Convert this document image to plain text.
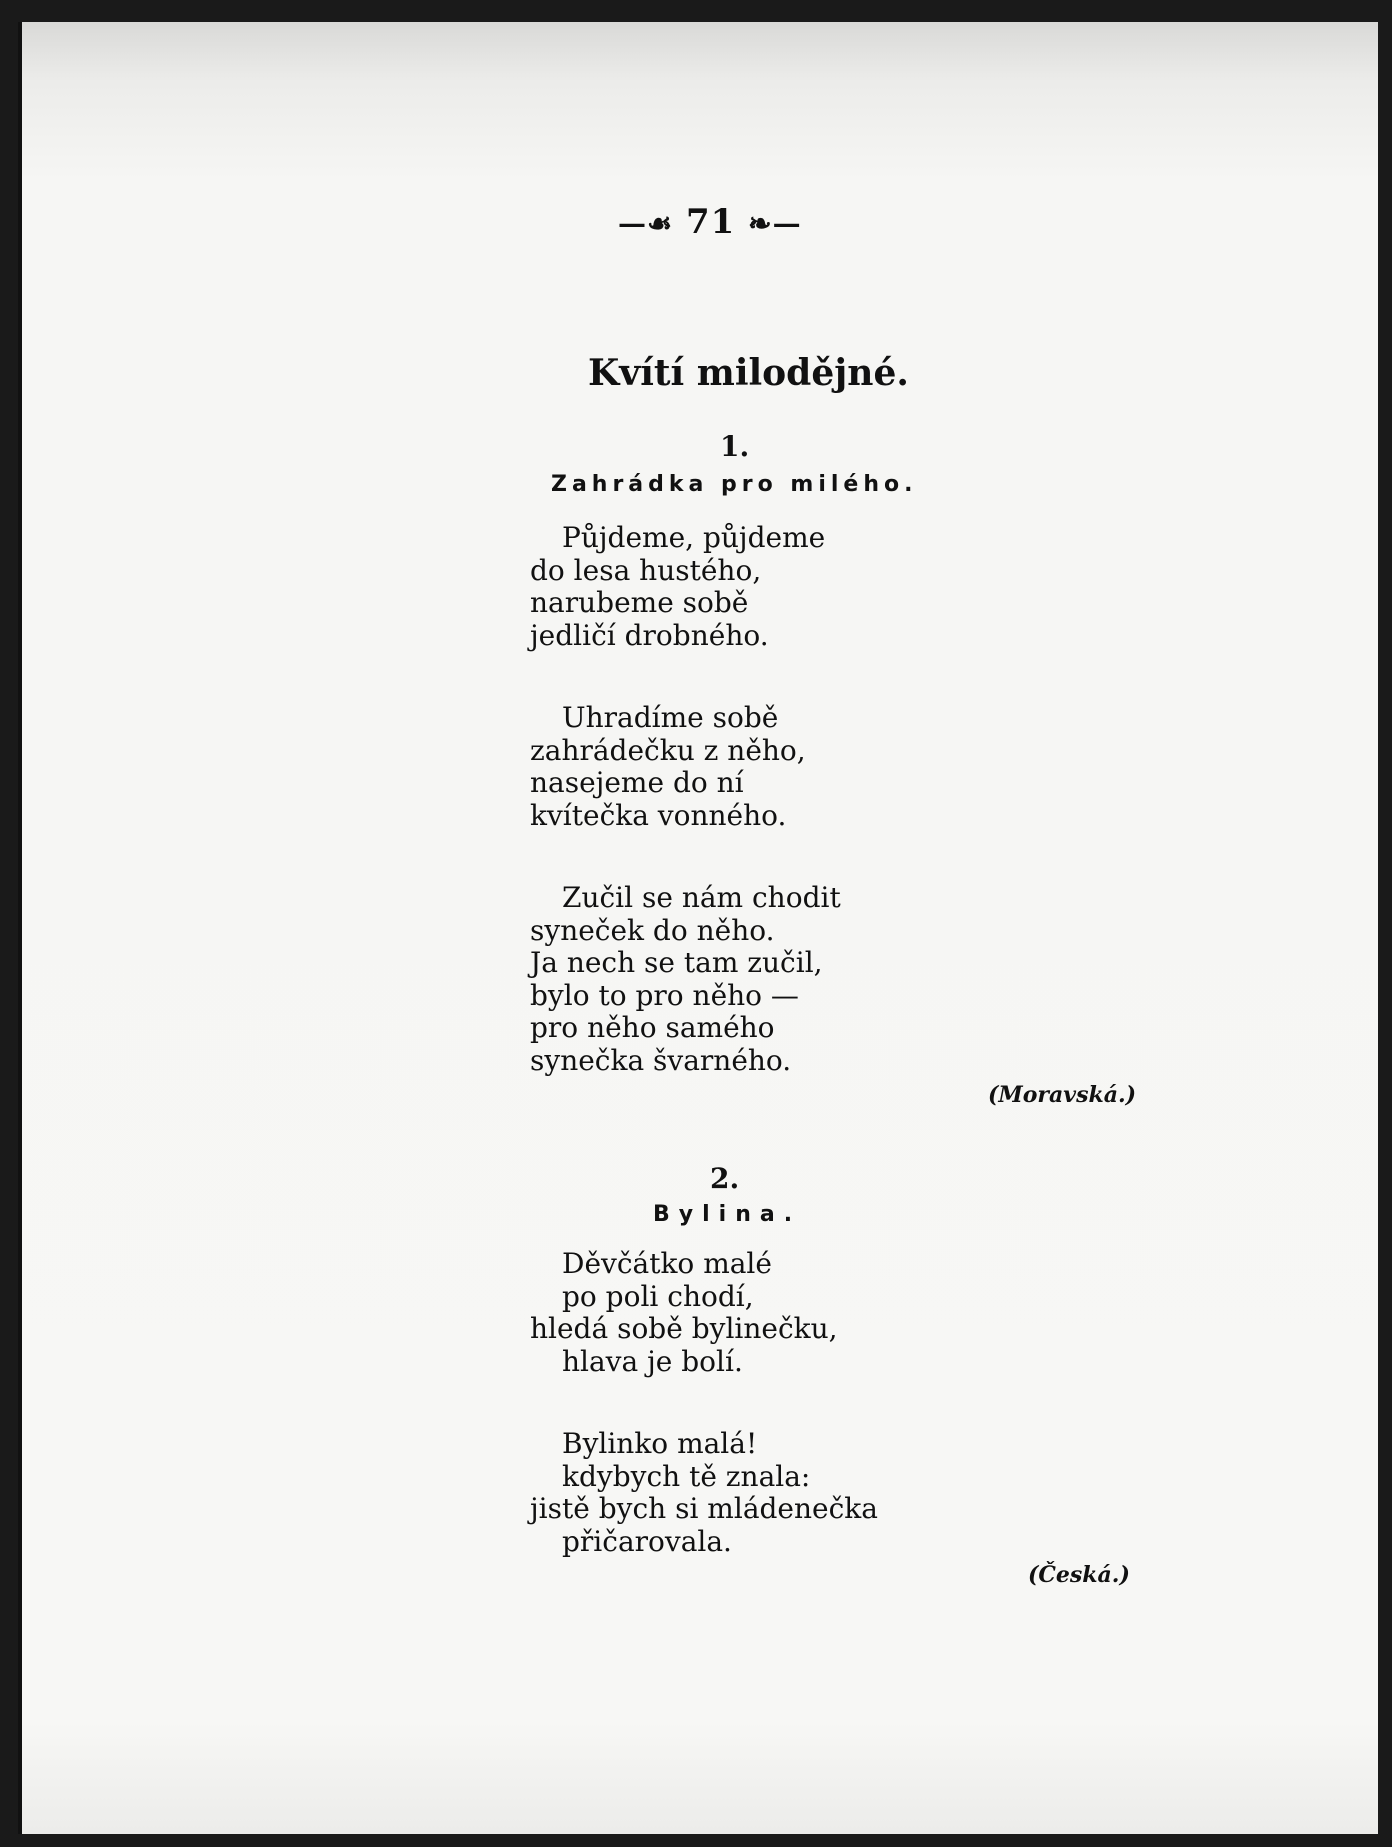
—☙ 71 ❧—
Kvítí milodějné.
1.
Zahrádka pro milého.
Půjdeme, půjdeme
do lesa hustého,
narubeme sobě
jedličí drobného.
Uhradíme sobě
zahrádečku z něho,
nasejeme do ní
kvítečka vonného.
Zučil se nám chodit
syneček do něho.
Ja nech se tam zučil,
bylo to pro něho —
pro něho samého
synečka švarného.
(Moravská.)
2.
Bylina.
Děvčátko malé
po poli chodí,
hledá sobě bylinečku,
hlava je bolí.
Bylinko malá!
kdybych tě znala:
jistě bych si mládenečka
přičarovala.
(Česká.)
